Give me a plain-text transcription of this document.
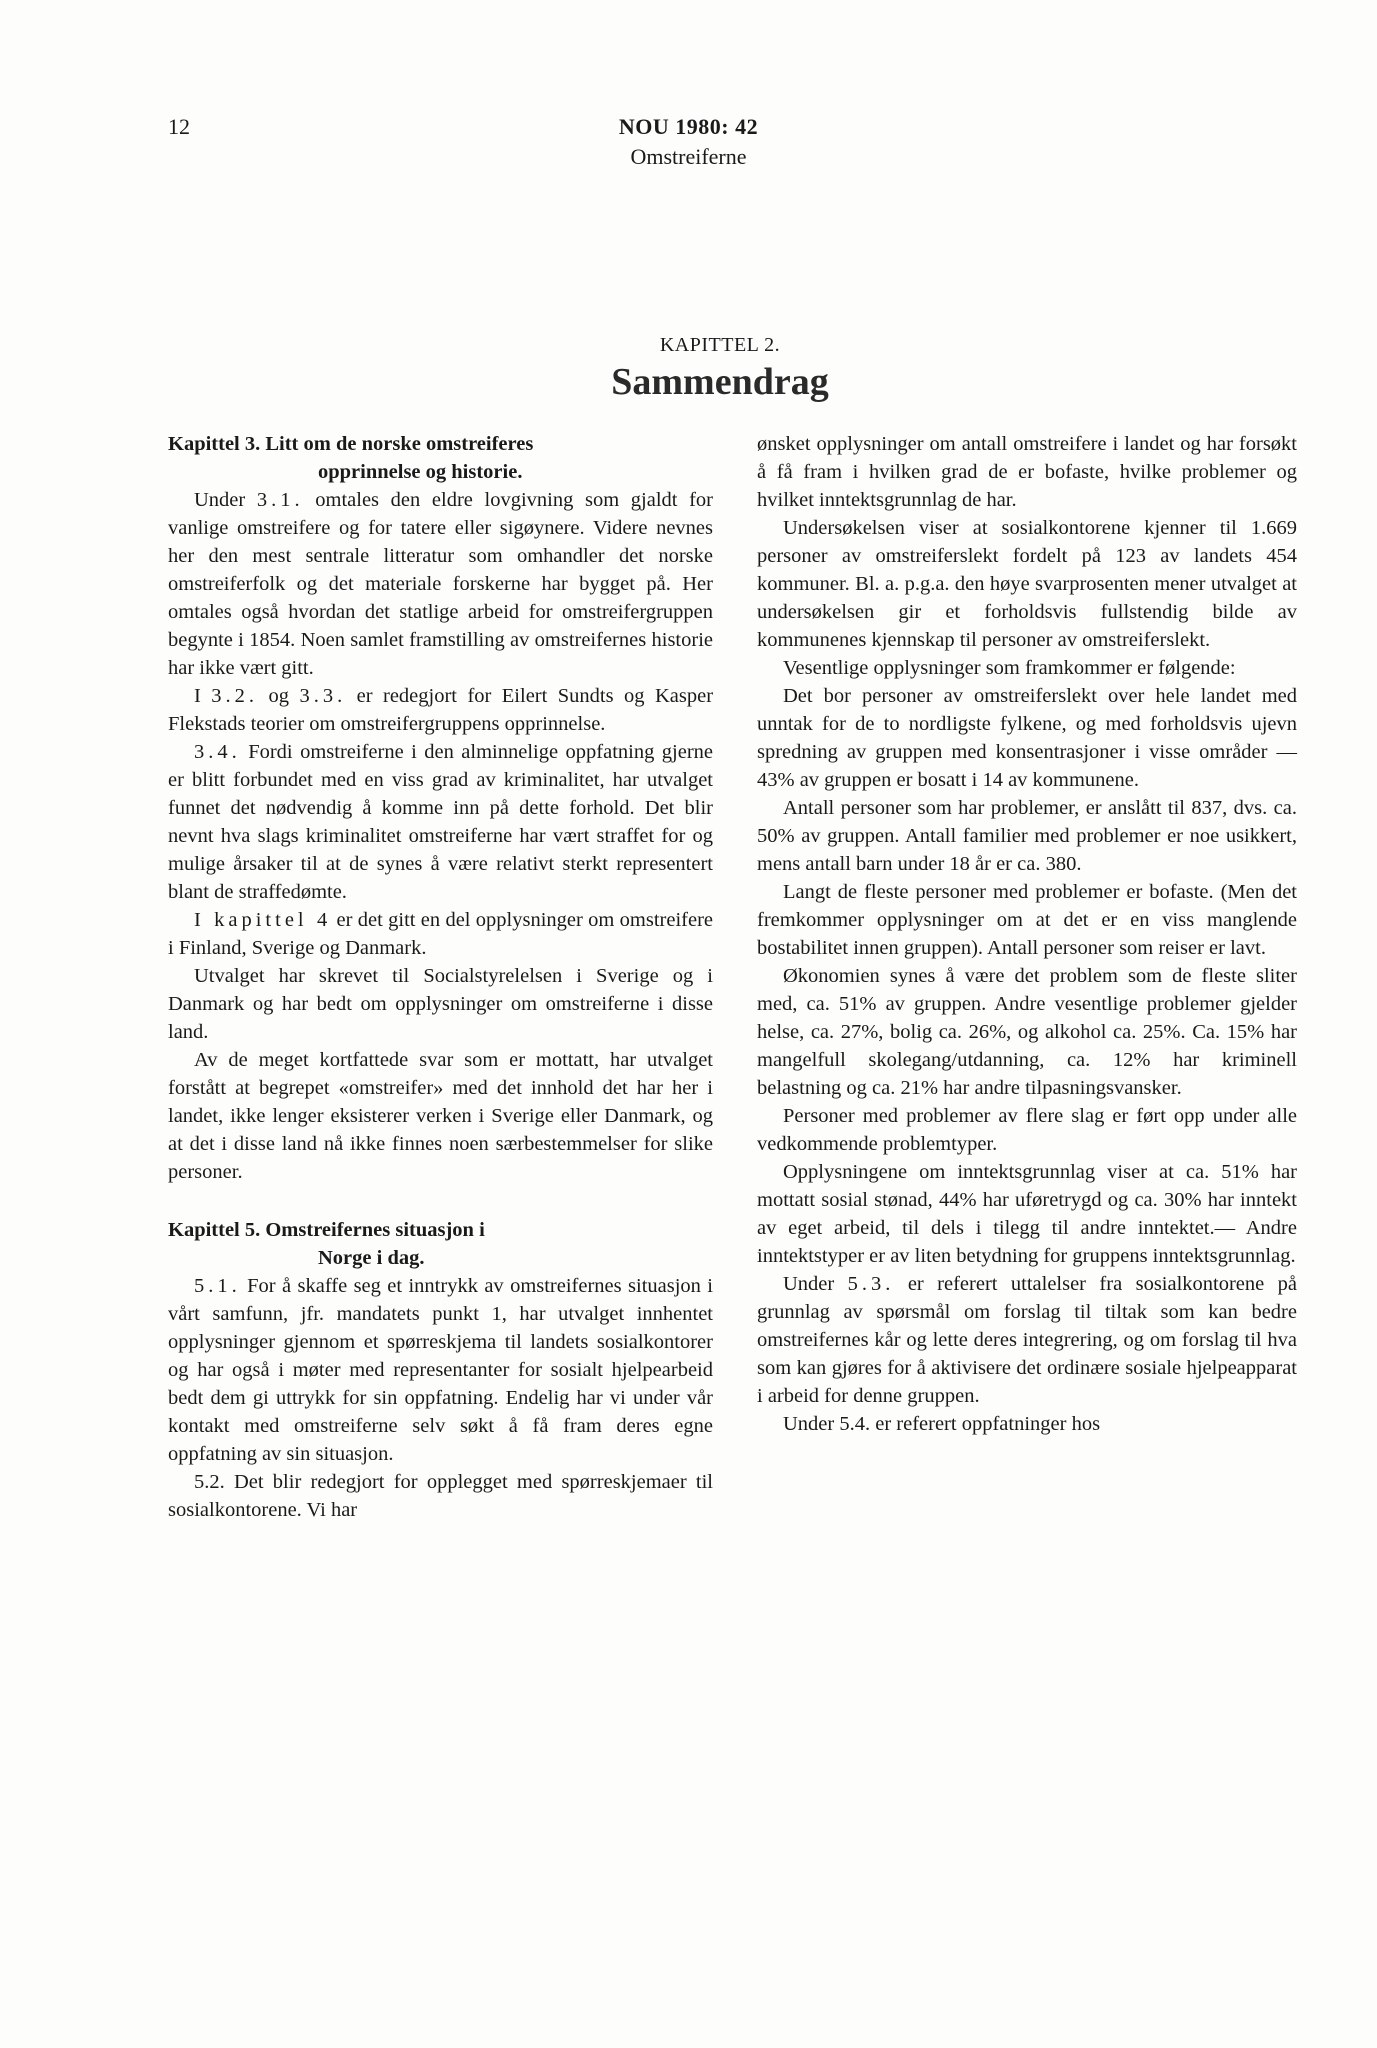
12	NOU 1980: 42
Omstreiferne
KAPITTEL 2.
Sammendrag
Kapittel 3. Litt om de norske omstreiferes
opprinnelse og historie.

Under 3.1. omtales den eldre lovgivning som gjaldt for vanlige omstreifere og for tatere eller sigøynere. Videre nevnes her den mest sentrale litteratur som omhandler det norske omstreiferfolk og det materiale forskerne har bygget på. Her omtales også hvordan det statlige arbeid for omstreifergruppen begynte i 1854. Noen samlet framstilling av omstreifernes historie har ikke vært gitt.

I 3.2. og 3.3. er redegjort for Eilert Sundts og Kasper Flekstads teorier om omstreifergruppens opprinnelse.

3.4. Fordi omstreiferne i den alminnelige oppfatning gjerne er blitt forbundet med en viss grad av kriminalitet, har utvalget funnet det nødvendig å komme inn på dette forhold. Det blir nevnt hva slags kriminalitet omstreiferne har vært straffet for og mulige årsaker til at de synes å være relativt sterkt representert blant de straffedømte.

I kapittel 4 er det gitt en del opplysninger om omstreifere i Finland, Sverige og Danmark.

Utvalget har skrevet til Socialstyrelelsen i Sverige og i Danmark og har bedt om opplysninger om omstreiferne i disse land.

Av de meget kortfattede svar som er mottatt, har utvalget forstått at begrepet «omstreifer» med det innhold det har her i landet, ikke lenger eksisterer verken i Sverige eller Danmark, og at det i disse land nå ikke finnes noen særbestemmelser for slike personer.

Kapittel 5. Omstreifernes situasjon i
Norge i dag.

5.1. For å skaffe seg et inntrykk av omstreifernes situasjon i vårt samfunn, jfr. mandatets punkt 1, har utvalget innhentet opplysninger gjennom et spørreskjema til landets sosialkontorer og har også i møter med representanter for sosialt hjelpearbeid bedt dem gi uttrykk for sin oppfatning. Endelig har vi under vår kontakt med omstreiferne selv søkt å få fram deres egne oppfatning av sin situasjon.

5.2. Det blir redegjort for opplegget med spørreskjemaer til sosialkontorene. Vi har

ønsket opplysninger om antall omstreifere i landet og har forsøkt å få fram i hvilken grad de er bofaste, hvilke problemer og hvilket inntektsgrunnlag de har.

Undersøkelsen viser at sosialkontorene kjenner til 1.669 personer av omstreiferslekt fordelt på 123 av landets 454 kommuner. Bl. a. p.g.a. den høye svarprosenten mener utvalget at undersøkelsen gir et forholdsvis fullstendig bilde av kommunenes kjennskap til personer av omstreiferslekt.

Vesentlige opplysninger som framkommer er følgende:

Det bor personer av omstreiferslekt over hele landet med unntak for de to nordligste fylkene, og med forholdsvis ujevn spredning av gruppen med konsentrasjoner i visse områder — 43% av gruppen er bosatt i 14 av kommunene.

Antall personer som har problemer, er anslått til 837, dvs. ca. 50% av gruppen. Antall familier med problemer er noe usikkert, mens antall barn under 18 år er ca. 380.

Langt de fleste personer med problemer er bofaste. (Men det fremkommer opplysninger om at det er en viss manglende bostabilitet innen gruppen). Antall personer som reiser er lavt.

Økonomien synes å være det problem som de fleste sliter med, ca. 51% av gruppen. Andre vesentlige problemer gjelder helse, ca. 27%, bolig ca. 26%, og alkohol ca. 25%. Ca. 15% har mangelfull skolegang/utdanning, ca. 12% har kriminell belastning og ca. 21% har andre tilpasningsvansker.

Personer med problemer av flere slag er ført opp under alle vedkommende problemtyper.

Opplysningene om inntektsgrunnlag viser at ca. 51% har mottatt sosial stønad, 44% har uføretrygd og ca. 30% har inntekt av eget arbeid, til dels i tilegg til andre inntektet.— Andre inntektstyper er av liten betydning for gruppens inntektsgrunnlag.

Under 5.3. er referert uttalelser fra sosialkontorene på grunnlag av spørsmål om forslag til tiltak som kan bedre omstreifernes kår og lette deres integrering, og om forslag til hva som kan gjøres for å aktivisere det ordinære sosiale hjelpeapparat i arbeid for denne gruppen.

Under 5.4. er referert oppfatninger hos
